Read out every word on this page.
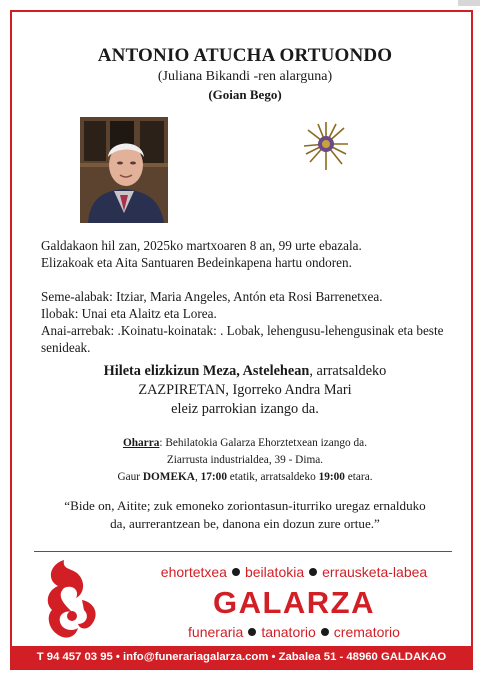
ANTONIO ATUCHA ORTUONDO
(Juliana Bikandi -ren alarguna)
(Goian Bego)
Galdakaon hil zan, 2025ko martxoaren 8 an, 99 urte ebazala.
Elizakoak eta Aita Santuaren Bedeinkapena hartu ondoren.
Seme-alabak: Itziar, Maria Angeles, Antón eta Rosi Barrenetxea.
Ilobak: Unai eta Alaitz eta Lorea.
Anai-arrebak: .Koinatu-koinatak: . Lobak, lehengusu-lehengusinak eta beste senideak.
Hileta elizkizun Meza, Astelehean, arratsaldeko
ZAZPIRETAN, Igorreko Andra Mari
eleiz parrokian izango da.
Oharra: Behilatokia Galarza Ehorztetxean izango da.
Ziarrusta industrialdea, 39 - Dima.
Gaur DOMEKA, 17:00 etatik, arratsaldeko 19:00 etara.
“Bide on, Aitite; zuk emoneko zoriontasun-iturriko uregaz ernalduko
da, aurrerantzean be, danona ein dozun zure ortue.”
ehortetxea beilatokia errausketa-labea
GALARZA
funeraria tanatorio crematorio
T 94 457 03 95 • info@funerariagalarza.com • Zabalea 51 - 48960 GALDAKAO
